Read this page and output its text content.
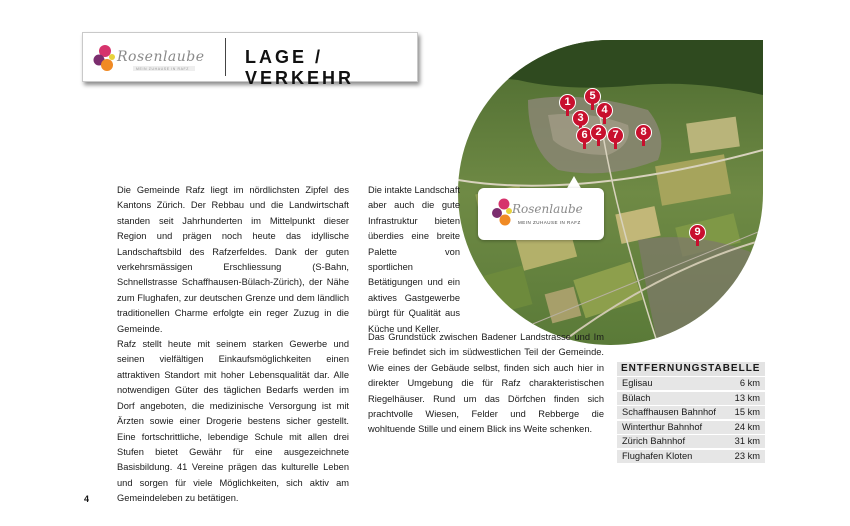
Rosenlaube
MEIN ZUHAUSE IN RAFZ
LAGE / VERKEHR
1	5
4
3
6 2 7	8
9
Rosenlaube
MEIN ZUHAUSE IN RAFZ

Die Gemeinde Rafz liegt im nördlichsten Zipfel des Kantons Zürich. Der Rebbau und die Landwirtschaft standen seit Jahrhunderten im Mittelpunkt dieser Region und prägen noch heute das idyllische Landschaftsbild des Rafzerfeldes. Dank der guten verkehrsmässigen Erschliessung (S-Bahn, Schnellstrasse Schaffhausen-Bülach-Zürich), der Nähe zum Flughafen, zur deutschen Grenze und dem ländlich traditionellen Charme erfolgte ein reger Zuzug in die Gemeinde.

Rafz stellt heute mit seinem starken Gewerbe und seinen vielfältigen Einkaufsmöglichkeiten einen attraktiven Standort mit hoher Lebensqualität dar. Alle notwendigen Güter des täglichen Bedarfs werden im Dorf angeboten, die medizinische Versorgung ist mit Ärzten sowie einer Drogerie bestens sicher gestellt. Eine fortschrittliche, lebendige Schule mit allen drei Stufen bietet Gewähr für eine ausgezeichnete Basisbildung. 41 Vereine prägen das kulturelle Leben und sorgen für viele Möglichkeiten, sich aktiv am Gemeindeleben zu betätigen.

Die intakte Landschaft aber auch die gute Infrastruktur bieten überdies eine breite Palette von sportlichen Betätigungen und ein aktives Gastgewerbe bürgt für Qualität aus Küche und Keller.

Das Grundstück zwischen Badener Landstrasse und Im Freie befindet sich im südwestlichen Teil der Gemeinde. Wie eines der Gebäude selbst, finden sich auch hier in direkter Umgebung die für Rafz charakteristischen Riegelhäuser. Rund um das Dörfchen finden sich prachtvolle Wiesen, Felder und Rebberge die wohltuende Stille und einem Blick ins Weite schenken.

ENTFERNUNGSTABELLE
Eglisau	6 km
Bülach	13 km
Schaffhausen Bahnhof 15 km
Winterthur Bahnhof	24 km
Zürich Bahnhof	31 km
Flughafen Kloten	23 km
4
